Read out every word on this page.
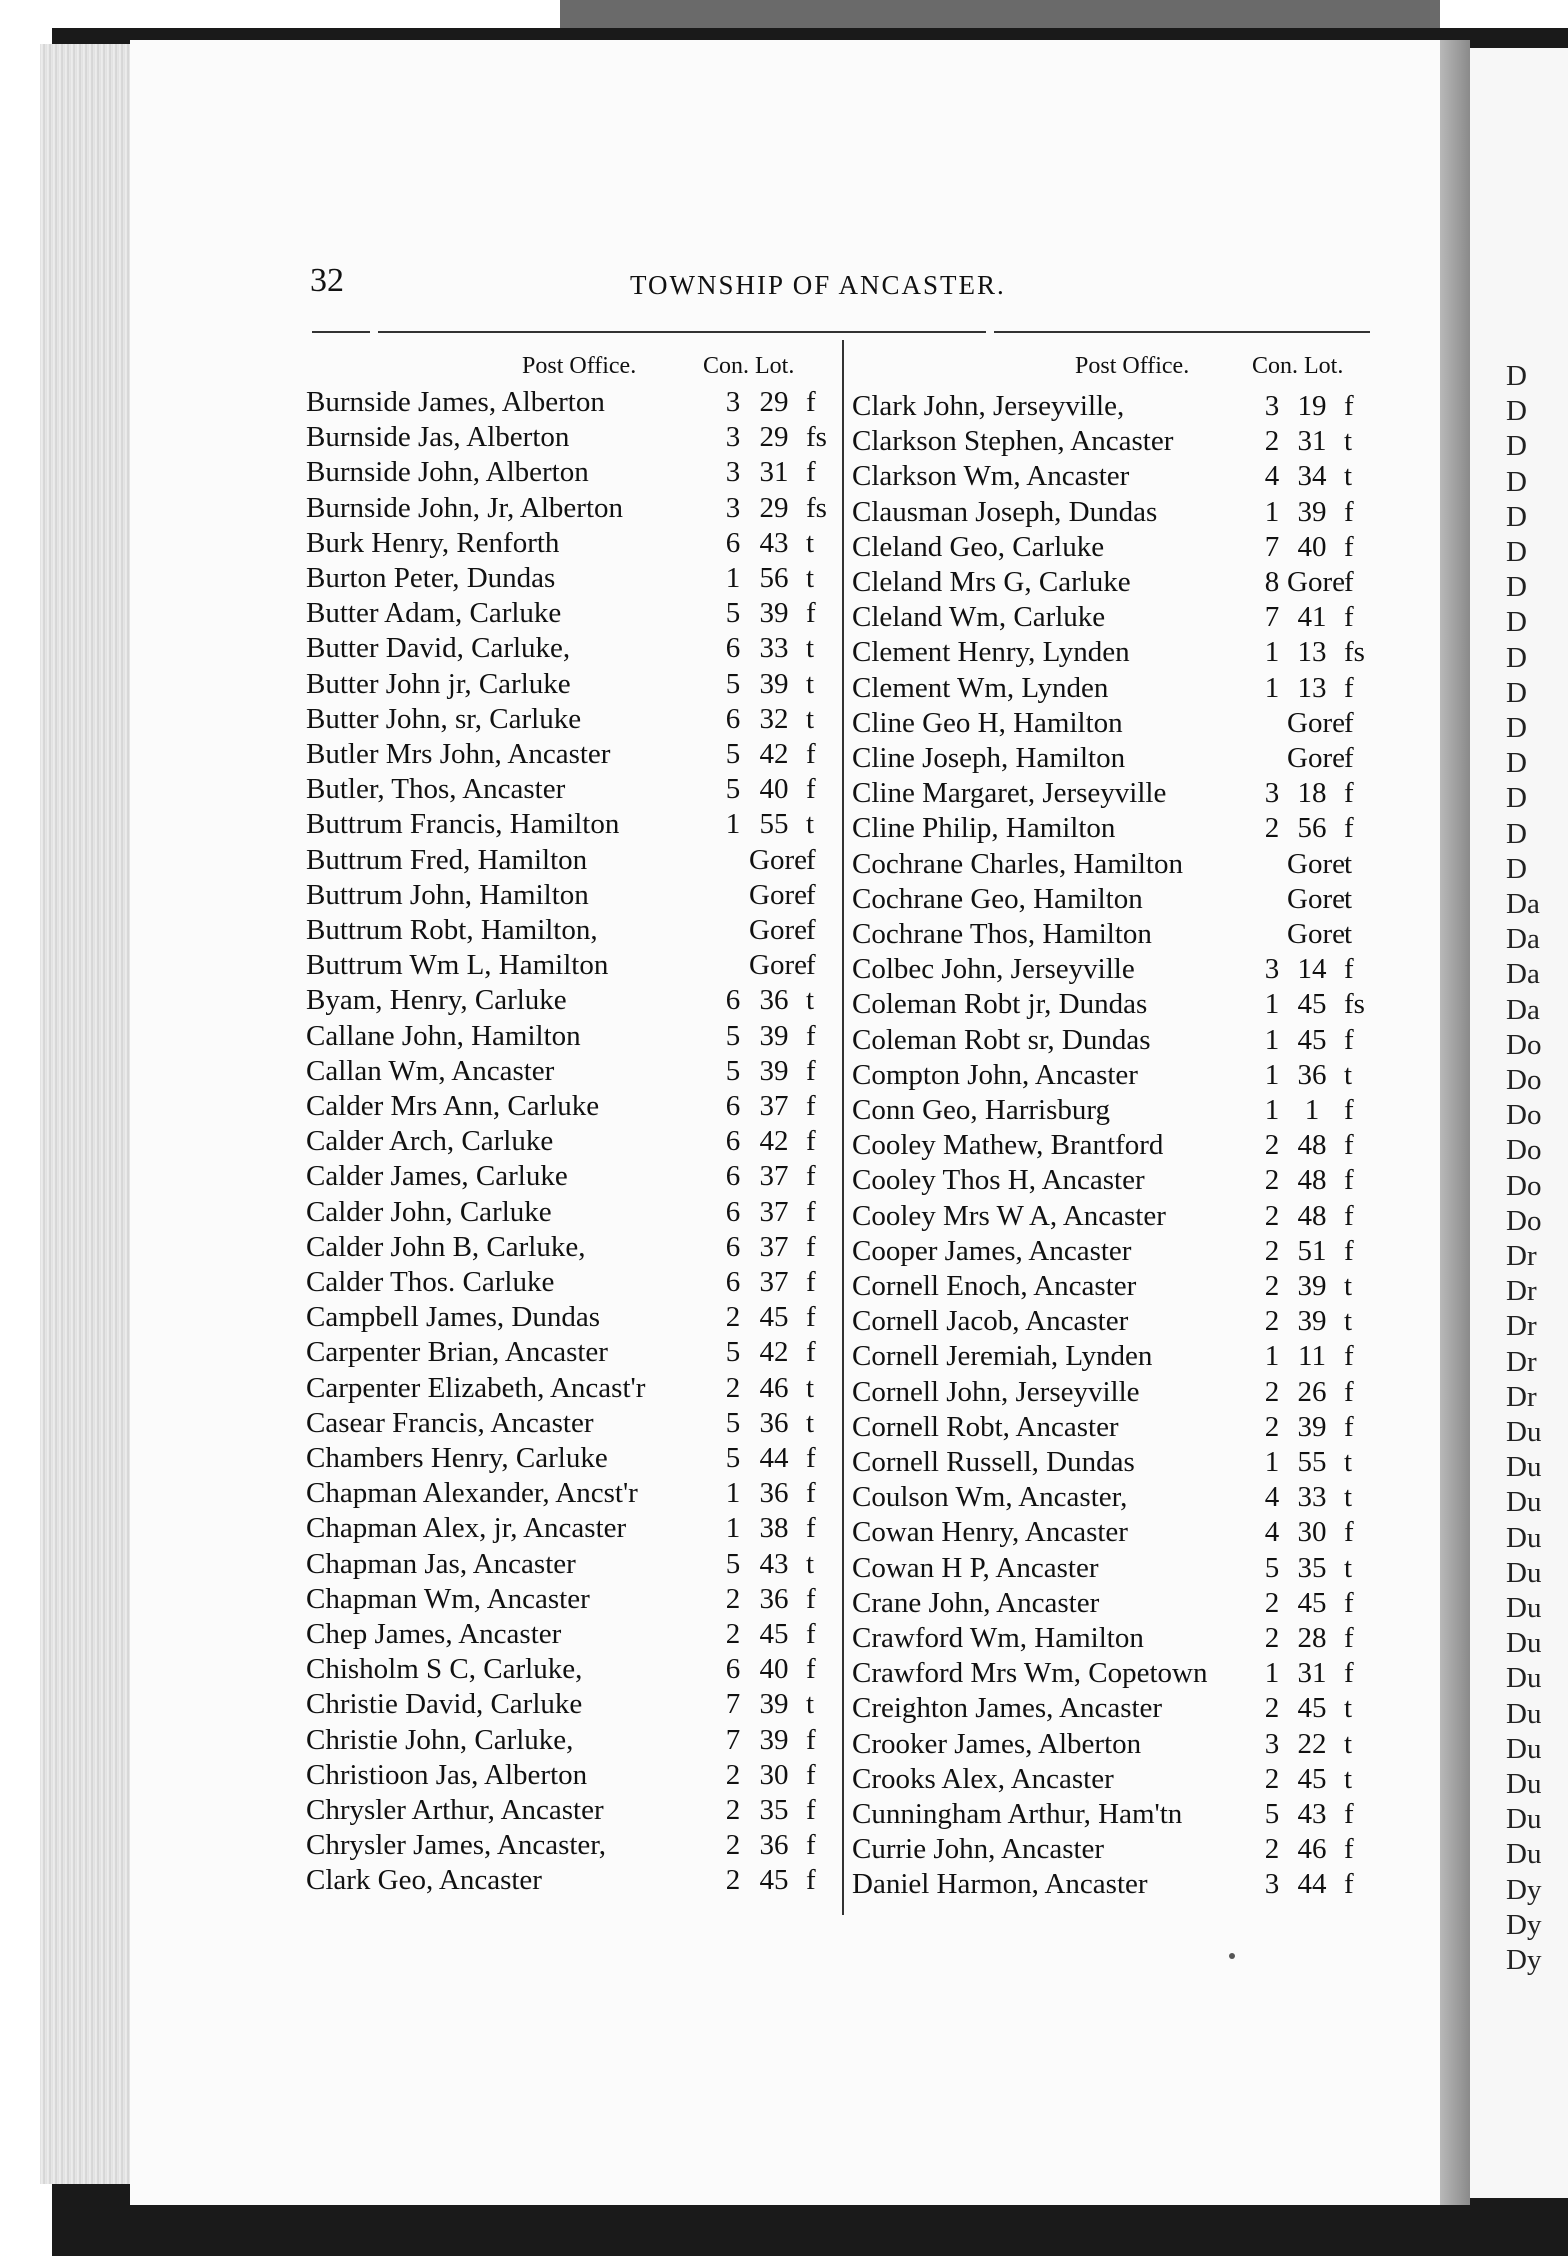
32	TOWNSHIP OF ANCASTER.
Post Office.	Con. Lot.	Post Office.	Con. Lot.
Burnside James, Alberton	3 29 f
Burnside Jas, Alberton	3 29 fs
Burnside John, Alberton	3 31 f
Burnside John, Jr, Alberton	3 29 fs
Burk Henry, Renforth	6 43 t
Burton Peter, Dundas	1 56 t
Butter Adam, Carluke	5 39 f
Butter David, Carluke,	6 33 t
Butter John jr, Carluke	5 39 t
Butter John, sr, Carluke	6 32 t
Butler Mrs John, Ancaster	5 42 f
Butler, Thos, Ancaster	5 40 f
Buttrum Francis, Hamilton	1 55 t
Buttrum Fred, Hamilton	Gore f
Buttrum John, Hamilton	Gore f
Buttrum Robt, Hamilton,	Gore f
Buttrum Wm L, Hamilton	Gore f
Byam, Henry, Carluke	6 36 t
Callane John, Hamilton	5 39 f
Callan Wm, Ancaster	5 39 f
Calder Mrs Ann, Carluke	6 37 f
Calder Arch, Carluke	6 42 f
Calder James, Carluke	6 37 f
Calder John, Carluke	6 37 f
Calder John B, Carluke,	6 37 f
Calder Thos. Carluke	6 37 f
Campbell James, Dundas	2 45 f
Carpenter Brian, Ancaster	5 42 f
Carpenter Elizabeth, Ancast'r	2 46 t
Casear Francis, Ancaster	5 36 t
Chambers Henry, Carluke	5 44 f
Chapman Alexander, Ancst'r	1 36 f
Chapman Alex, jr, Ancaster	1 38 f
Chapman Jas, Ancaster	5 43 t
Chapman Wm, Ancaster	2 36 f
Chep James, Ancaster	2 45 f
Chisholm S C, Carluke,	6 40 f
Christie David, Carluke	7 39 t
Christie John, Carluke,	7 39 f
Christioon Jas, Alberton	2 30 f
Chrysler Arthur, Ancaster	2 35 f
Chrysler James, Ancaster,	2 36 f
Clark Geo, Ancaster	2 45 f
Clark John, Jerseyville,	3 19 f
Clarkson Stephen, Ancaster	2 31 t
Clarkson Wm, Ancaster	4 34 t
Clausman Joseph, Dundas	1 39 f
Cleland Geo, Carluke	7 40 f
Cleland Mrs G, Carluke	8 Gore f
Cleland Wm, Carluke	7 41 f
Clement Henry, Lynden	1 13 fs
Clement Wm, Lynden	1 13 f
Cline Geo H, Hamilton	Gore f
Cline Joseph, Hamilton	Gore f
Cline Margaret, Jerseyville	3 18 f
Cline Philip, Hamilton	2 56 f
Cochrane Charles, Hamilton	Gore t
Cochrane Geo, Hamilton	Gore t
Cochrane Thos, Hamilton	Gore t
Colbec John, Jerseyville	3 14 f
Coleman Robt jr, Dundas	1 45 fs
Coleman Robt sr, Dundas	1 45 f
Compton John, Ancaster	1 36 t
Conn Geo, Harrisburg	1 1 f
Cooley Mathew, Brantford	2 48 f
Cooley Thos H, Ancaster	2 48 f
Cooley Mrs W A, Ancaster	2 48 f
Cooper James, Ancaster	2 51 f
Cornell Enoch, Ancaster	2 39 t
Cornell Jacob, Ancaster	2 39 t
Cornell Jeremiah, Lynden	1 11 f
Cornell John, Jerseyville	2 26 f
Cornell Robt, Ancaster	2 39 f
Cornell Russell, Dundas	1 55 t
Coulson Wm, Ancaster,	4 33 t
Cowan Henry, Ancaster	4 30 f
Cowan H P, Ancaster	5 35 t
Crane John, Ancaster	2 45 f
Crawford Wm, Hamilton	2 28 f
Crawford Mrs Wm, Copetown 1 31 f
Creighton James, Ancaster	2 45 t
Crooker James, Alberton	3 22 t
Crooks Alex, Ancaster	2 45 t
Cunningham Arthur, Ham'tn	5 43 f
Currie John, Ancaster	2 46 f
Daniel Harmon, Ancaster	3 44 f
D
D
D
D
D
D
D
D
D
D
D
D
D
D
D
Da
Da
Da
Da
Do
Do
Do
Do
Do
Do
Dr
Dr
Dr
Dr
Dr
Du
Du
Du
Du
Du
Du
Du
Du
Du
Du
Du
Du
Du
Dy
Dy
Dy
